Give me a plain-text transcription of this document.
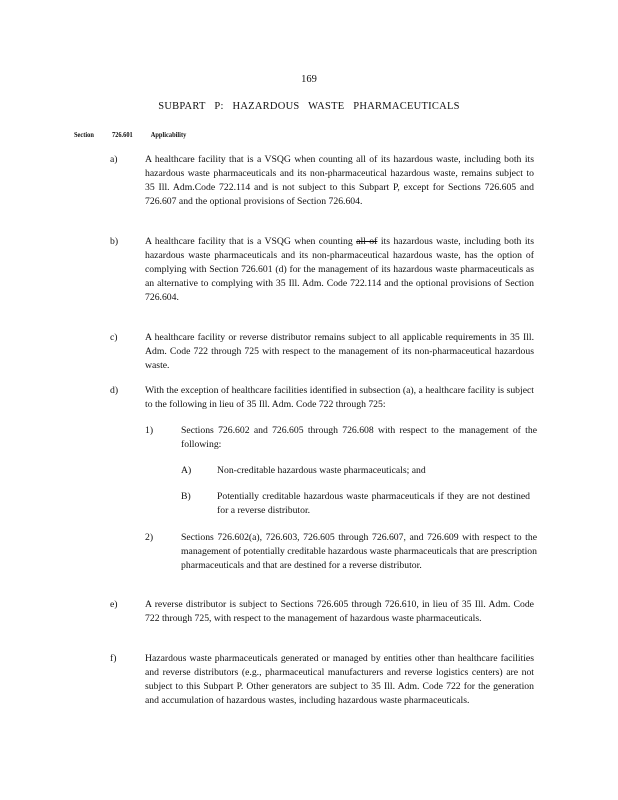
169
SUBPART P: HAZARDOUS WASTE PHARMACEUTICALS
Section 726.601 Applicability
a)	A healthcare facility that is a VSQG when counting all of its hazardous waste, including both its hazardous waste pharmaceuticals and its non-pharmaceutical hazardous waste, remains subject to 35 Ill. Adm.Code 722.114 and is not subject to this Subpart P, except for Sections 726.605 and 726.607 and the optional provisions of Section 726.604.
b)	A healthcare facility that is a VSQG when counting all of its hazardous waste, including both its hazardous waste pharmaceuticals and its non-pharmaceutical hazardous waste, has the option of complying with Section 726.601 (d) for the management of its hazardous waste pharmaceuticals as an alternative to complying with 35 Ill. Adm. Code 722.114 and the optional provisions of Section 726.604.
c)	A healthcare facility or reverse distributor remains subject to all applicable requirements in 35 Ill. Adm. Code 722 through 725 with respect to the management of its non-pharmaceutical hazardous waste.
d)	With the exception of healthcare facilities identified in subsection (a), a healthcare facility is subject to the following in lieu of 35 Ill. Adm. Code 722 through 725:
1)	Sections 726.602 and 726.605 through 726.608 with respect to the management of the following:
A)	Non-creditable hazardous waste pharmaceuticals; and
B)	Potentially creditable hazardous waste pharmaceuticals if they are not destined for a reverse distributor.
2)	Sections 726.602(a), 726.603, 726.605 through 726.607, and 726.609 with respect to the management of potentially creditable hazardous waste pharmaceuticals that are prescription pharmaceuticals and that are destined for a reverse distributor.
e)	A reverse distributor is subject to Sections 726.605 through 726.610, in lieu of 35 Ill. Adm. Code 722 through 725, with respect to the management of hazardous waste pharmaceuticals.
f)	Hazardous waste pharmaceuticals generated or managed by entities other than healthcare facilities and reverse distributors (e.g., pharmaceutical manufacturers and reverse logistics centers) are not subject to this Subpart P. Other generators are subject to 35 Ill. Adm. Code 722 for the generation and accumulation of hazardous wastes, including hazardous waste pharmaceuticals.
